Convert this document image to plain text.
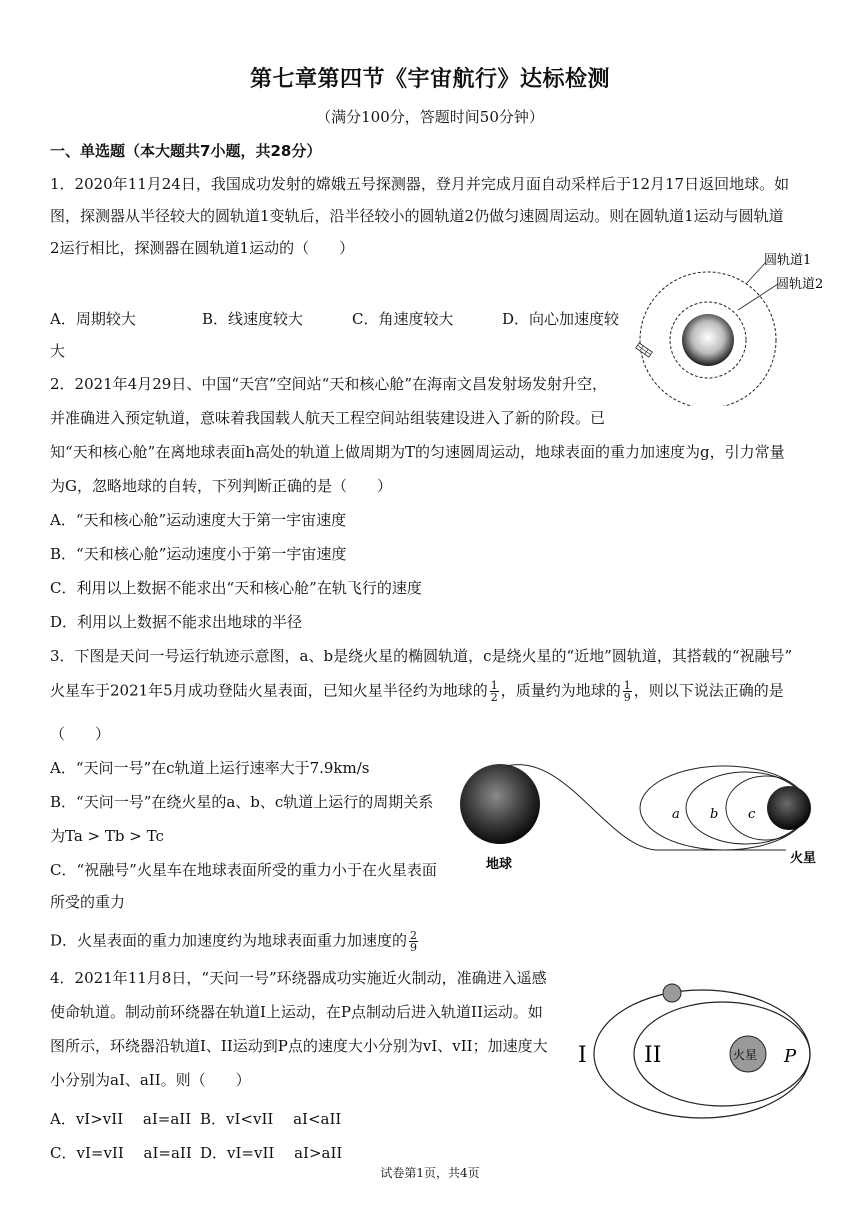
第七章第四节《宇宙航行》达标检测
（满分100分，答题时间50分钟）
一、单选题（本大题共7小题，共28分）
1．2020年11月24日，我国成功发射的嫦娥五号探测器，登月并完成月面自动采样后于12月17日返回地球。如
图，探测器从半径较大的圆轨道1变轨后，沿半径较小的圆轨道2仍做匀速圆周运动。则在圆轨道1运动与圆轨道
2运行相比，探测器在圆轨道1运动的（　　）
A．周期较大	B．线速度较大	C．角速度较大	D．向心加速度较
大
圆轨道1
圆轨道2
2．2021年4月29日、中国“天宫”空间站“天和核心舱”在海南文昌发射场发射升空，
并准确进入预定轨道，意味着我国载人航天工程空间站组装建设进入了新的阶段。已
知“天和核心舱”在离地球表面h高处的轨道上做周期为T的匀速圆周运动，地球表面的重力加速度为g，引力常量
为G，忽略地球的自转，下列判断正确的是（　　）
A．“天和核心舱”运动速度大于第一宇宙速度
B．“天和核心舱”运动速度小于第一宇宙速度
C．利用以上数据不能求出“天和核心舱”在轨飞行的速度
D．利用以上数据不能求出地球的半径
3．下图是天问一号运行轨迹示意图，a、b是绕火星的椭圆轨道，c是绕火星的“近地”圆轨道，其搭载的“祝融号”
火星车于2021年5月成功登陆火星表面，已知火星半径约为地球的 $\frac{1}{2}$ ，质量约为地球的 $\frac{1}{9}$ ，则以下说法正确的是
（　　）
A．“天问一号”在c轨道上运行速率大于7.9km/s
B．“天问一号”在绕火星的a、b、c轨道上运行的周期关系
为Ta > Tb > Tc
C．“祝融号”火星车在地球表面所受的重力小于在火星表面
所受的重力
D．火星表面的重力加速度约为地球表面重力加速度的 $\frac{2}{9}$
a b c
地球	火星
4．2021年11月8日，“天问一号”环绕器成功实施近火制动，准确进入遥感
使命轨道。制动前环绕器在轨道I上运动，在P点制动后进入轨道II运动。如
图所示，环绕器沿轨道I、II运动到P点的速度大小分别为vI、vII；加速度大
小分别为aI、aII。则（　　）
A．vI>vII　 aI=aII B．vI<vII　 aI<aII
C．vI=vII　 aI=aII D．vI=vII　 aI>aII
I	II	火星 P
试卷第1页，共4页
